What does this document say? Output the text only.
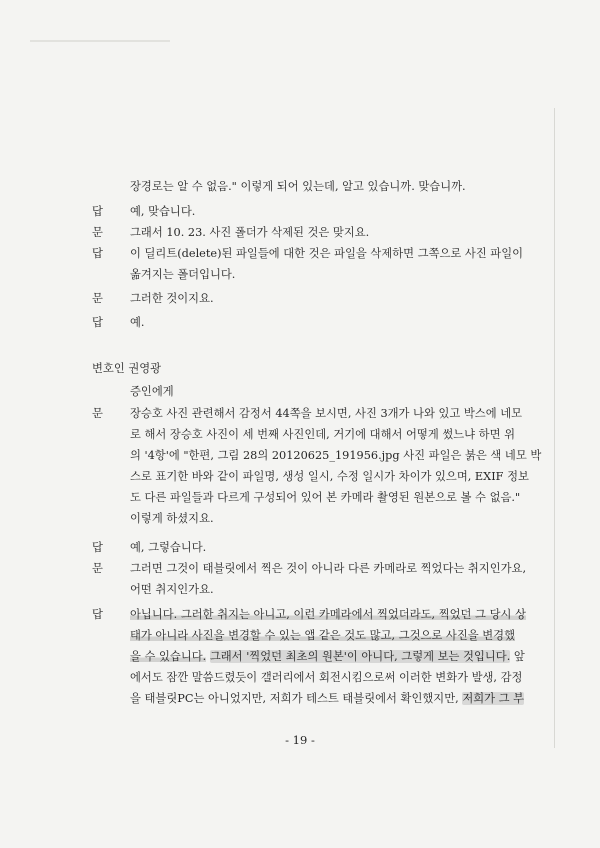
장경로는 알 수 없음." 이렇게 되어 있는데, 알고 있습니까. 맞습니까.
답	예, 맞습니다.
문	그래서 10. 23. 사진 폴더가 삭제된 것은 맞지요.
답	이 딜리트(delete)된 파일들에 대한 것은 파일을 삭제하면 그쪽으로 사진 파일이
옮겨지는 폴더입니다.
문	그러한 것이지요.
답	예.
변호인 권영광
증인에게
문	장승호 사진 관련해서 감정서 44쪽을 보시면, 사진 3개가 나와 있고 박스에 네모
로 해서 장승호 사진이 세 번째 사진인데, 거기에 대해서 어떻게 썼느냐 하면 위
의 '4항'에 "한편, 그림 28의 20120625_191956.jpg 사진 파일은 붉은 색 네모 박
스로 표기한 바와 같이 파일명, 생성 일시, 수정 일시가 차이가 있으며, EXIF 정보
도 다른 파일들과 다르게 구성되어 있어 본 카메라 촬영된 원본으로 볼 수 없음."
이렇게 하셨지요.
답	예, 그렇습니다.
문	그러면 그것이 태블릿에서 찍은 것이 아니라 다른 카메라로 찍었다는 취지인가요,
어떤 취지인가요.
답	아닙니다. 그러한 취지는 아니고, 이런 카메라에서 찍었더라도, 찍었던 그 당시 상
태가 아니라 사진을 변경할 수 있는 앱 같은 것도 많고, 그것으로 사진을 변경했
을 수 있습니다. 그래서 '찍었던 최초의 원본'이 아니다, 그렇게 보는 것입니다. 앞
에서도 잠깐 말씀드렸듯이 갤러리에서 회전시킴으로써 이러한 변화가 발생, 감정
을 태블릿PC는 아니었지만, 저희가 테스트 태블릿에서 확인했지만, 저희가 그 부
- 19 -
